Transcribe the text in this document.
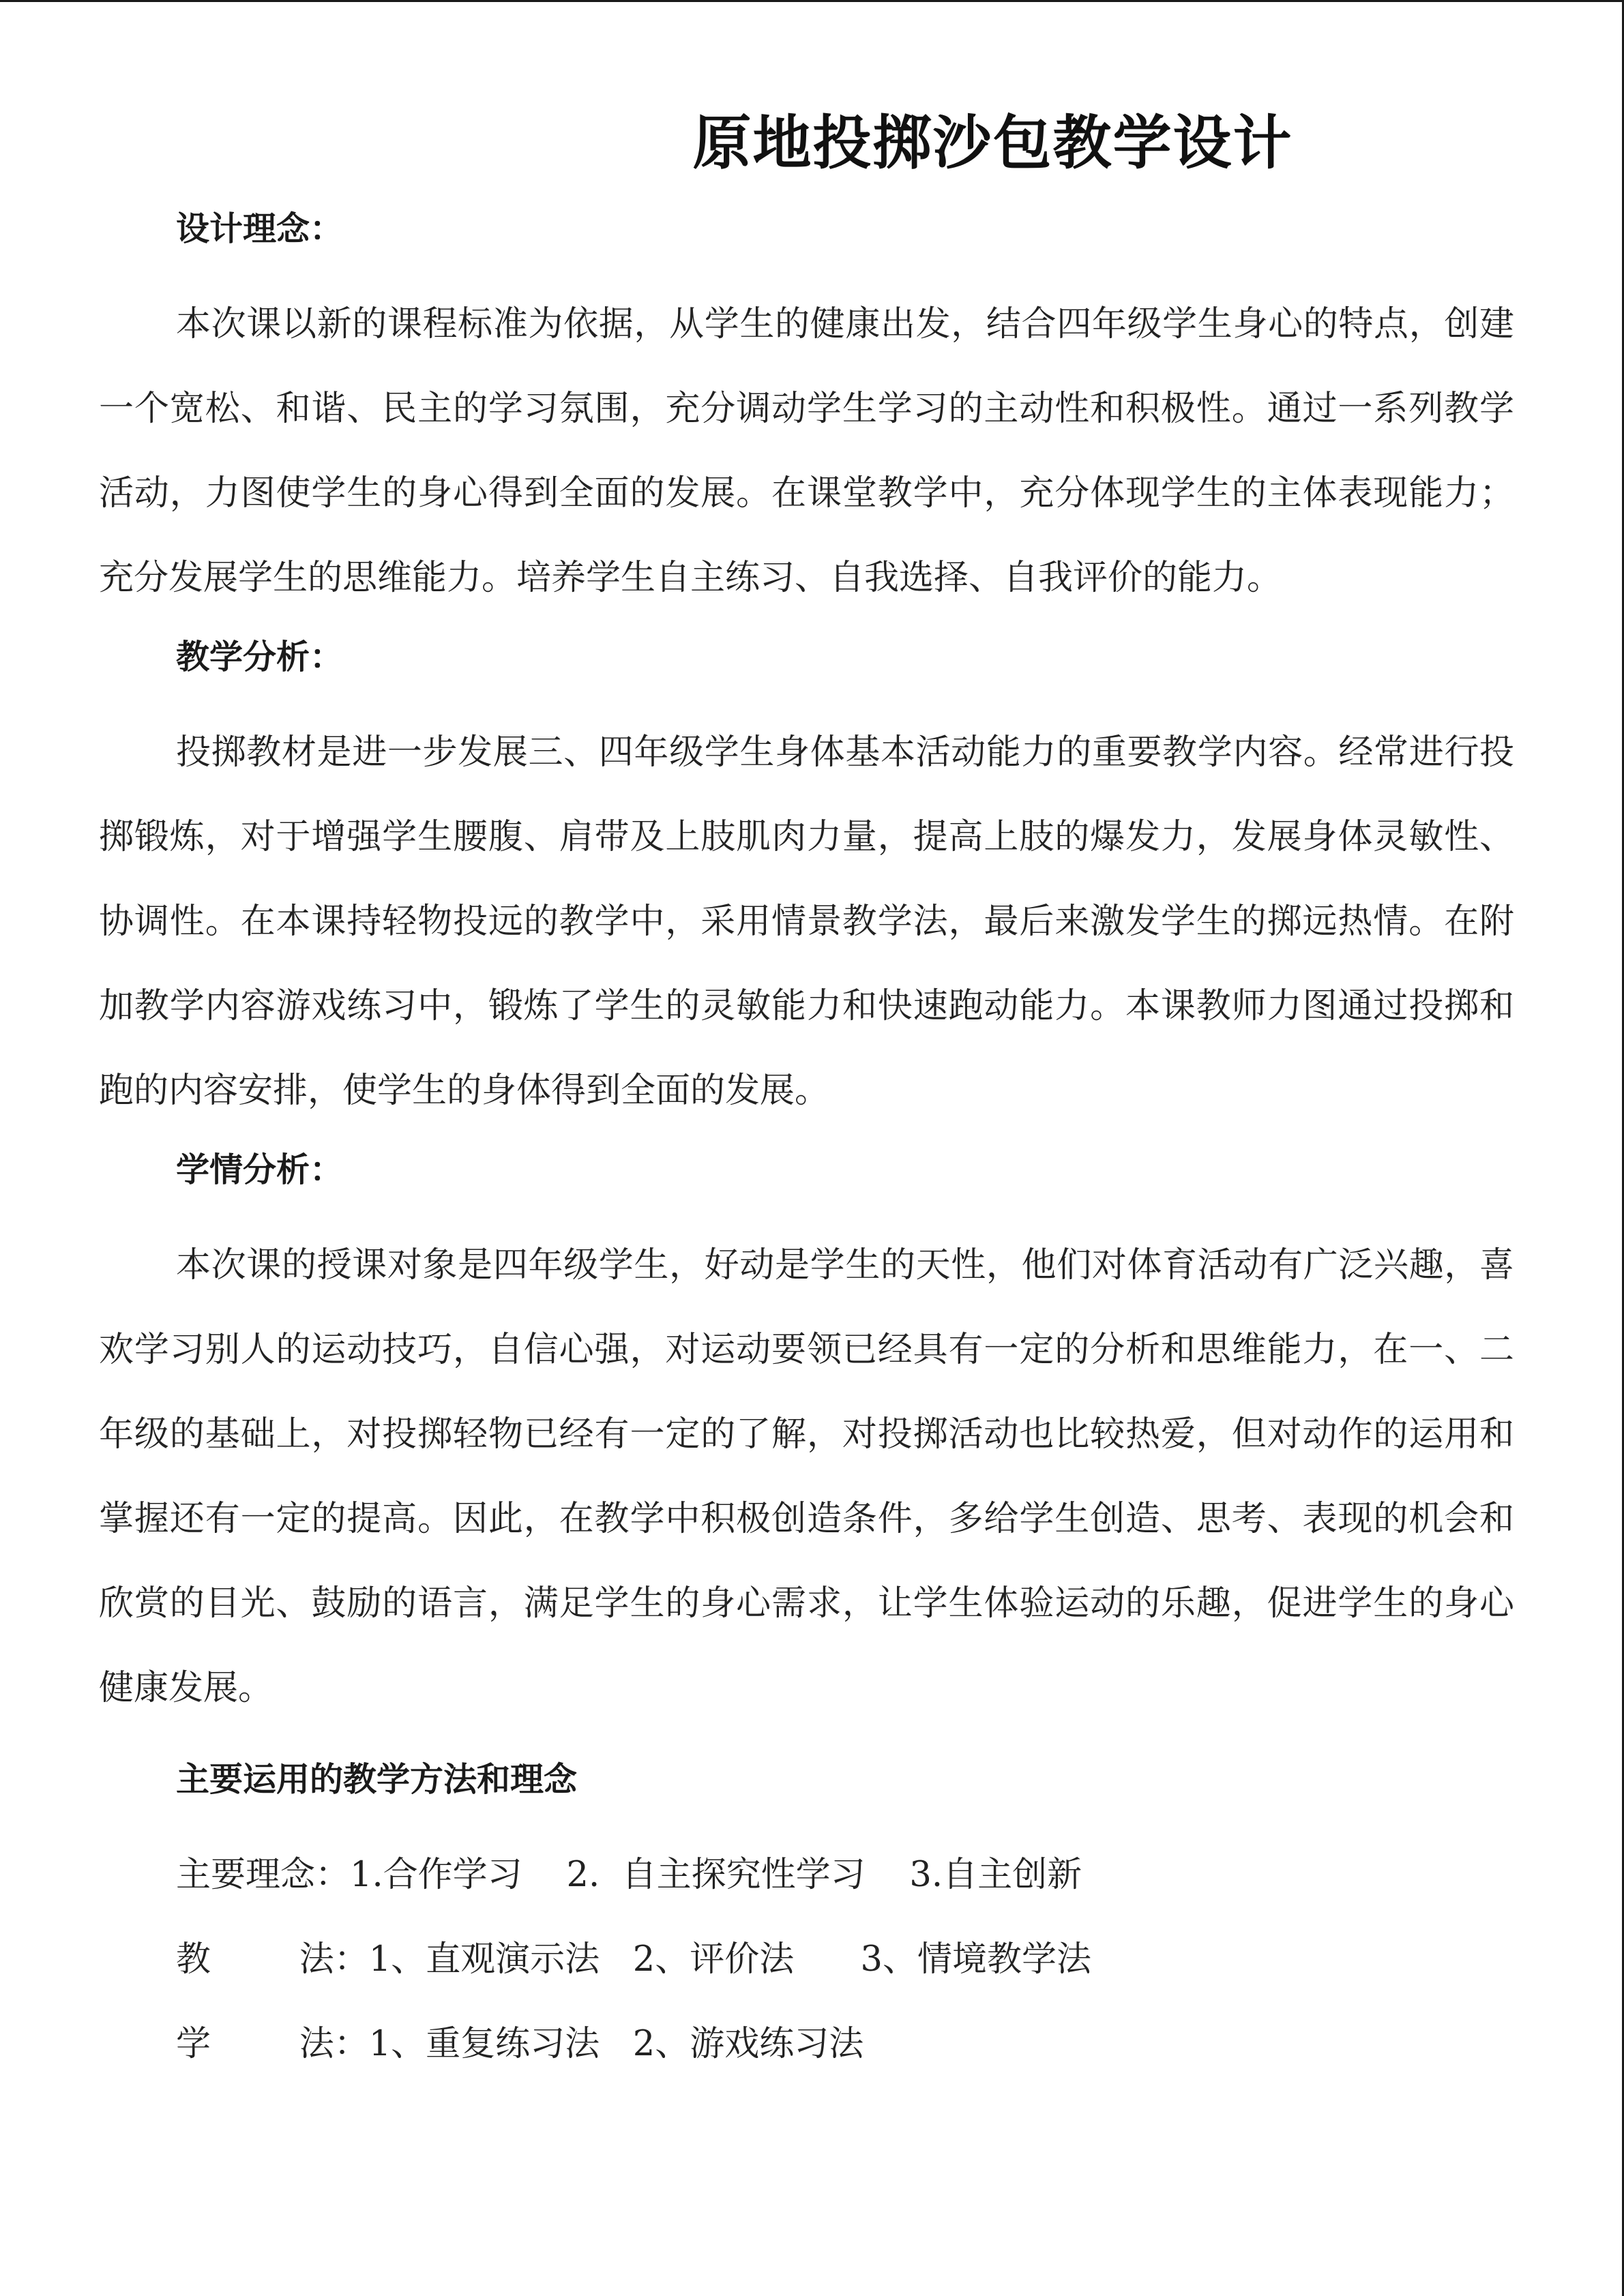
原地投掷沙包教学设计
设计理念：

本次课以新的课程标准为依据，从学生的健康出发，结合四年级学生身心的特点，创建一个宽松、和谐、民主的学习氛围，充分调动学生学习的主动性和积极性。通过一系列教学活动，力图使学生的身心得到全面的发展。在课堂教学中，充分体现学生的主体表现能力；充分发展学生的思维能力。培养学生自主练习、自我选择、自我评价的能力。

教学分析：

投掷教材是进一步发展三、四年级学生身体基本活动能力的重要教学内容。经常进行投掷锻炼，对于增强学生腰腹、肩带及上肢肌肉力量，提高上肢的爆发力，发展身体灵敏性、协调性。在本课持轻物投远的教学中，采用情景教学法，最后来激发学生的掷远热情。在附加教学内容游戏练习中，锻炼了学生的灵敏能力和快速跑动能力。本课教师力图通过投掷和跑的内容安排，使学生的身体得到全面的发展。

学情分析：

本次课的授课对象是四年级学生，好动是学生的天性，他们对体育活动有广泛兴趣，喜欢学习别人的运动技巧，自信心强，对运动要领已经具有一定的分析和思维能力，在一、二年级的基础上，对投掷轻物已经有一定的了解，对投掷活动也比较热爱，但对动作的运用和掌握还有一定的提高。因此，在教学中积极创造条件，多给学生创造、思考、表现的机会和欣赏的目光、鼓励的语言，满足学生的身心需求，让学生体验运动的乐趣，促进学生的身心健康发展。

主要运用的教学方法和理念
主要理念：1.合作学习    2.  自主探究性学习    3.自主创新
教        法：1、直观演示法   2、评价法      3、情境教学法
学        法：1、重复练习法   2、游戏练习法
